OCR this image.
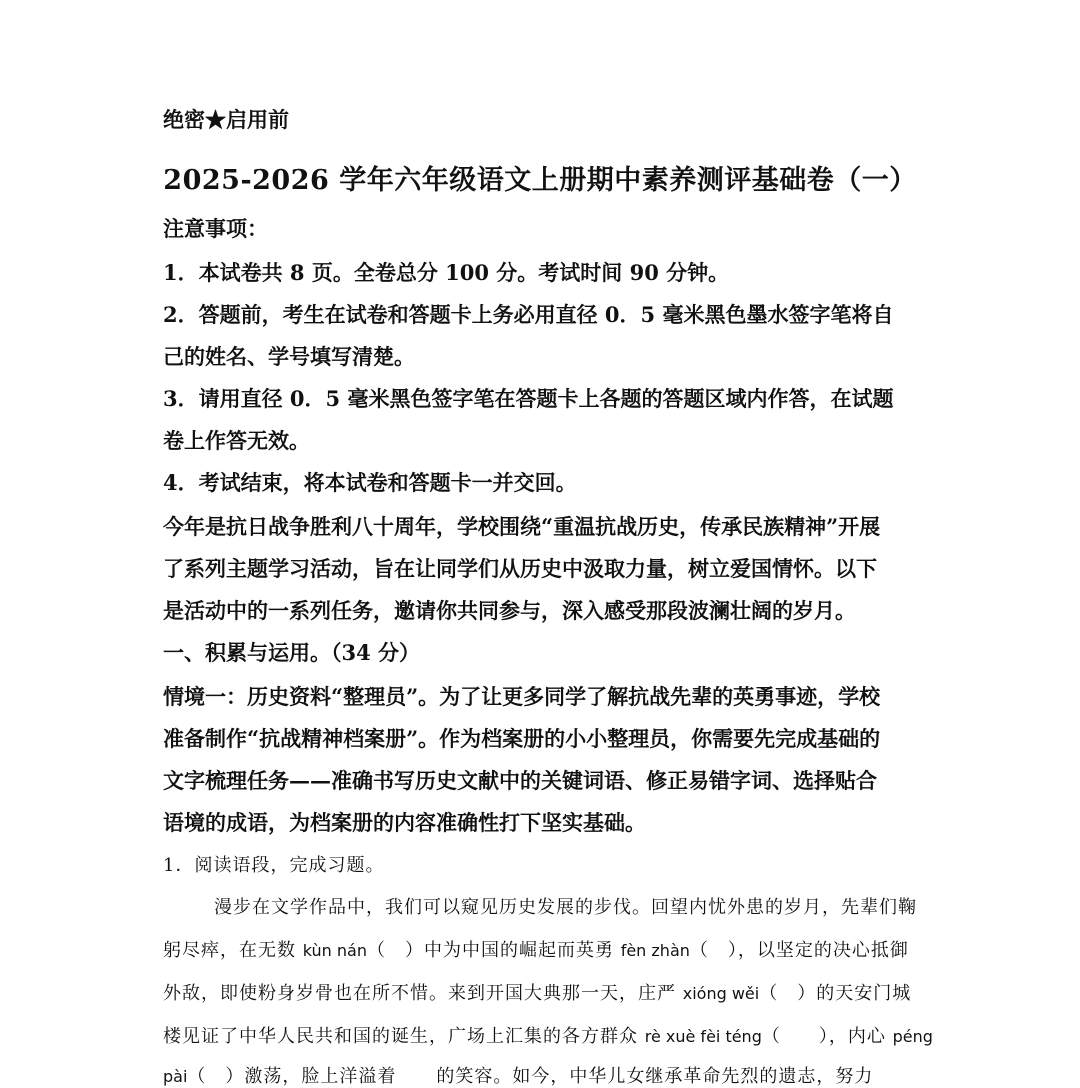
绝密★启用前
2025-2026 学年六年级语文上册期中素养测评基础卷（一）
注意事项：
1．本试卷共 8 页。全卷总分 100 分。考试时间 90 分钟。
2．答题前，考生在试卷和答题卡上务必用直径 0．5 毫米黑色墨水签字笔将自
己的姓名、学号填写清楚。
3．请用直径 0．5 毫米黑色签字笔在答题卡上各题的答题区域内作答，在试题
卷上作答无效。
4．考试结束，将本试卷和答题卡一并交回。
今年是抗日战争胜利八十周年，学校围绕“重温抗战历史，传承民族精神”开展
了系列主题学习活动，旨在让同学们从历史中汲取力量，树立爱国情怀。以下
是活动中的一系列任务，邀请你共同参与，深入感受那段波澜壮阔的岁月。
一、积累与运用。（34 分）
情境一：历史资料“整理员”。为了让更多同学了解抗战先辈的英勇事迹，学校
准备制作“抗战精神档案册”。作为档案册的小小整理员，你需要先完成基础的
文字梳理任务——准确书写历史文献中的关键词语、修正易错字词、选择贴合
语境的成语，为档案册的内容准确性打下坚实基础。
1．阅读语段，完成习题。
漫步在文学作品中，我们可以窥见历史发展的步伐。回望内忧外患的岁月，先辈们鞠
躬尽瘁，在无数 kùn nán（　）中为中国的崛起而英勇 fèn zhàn（　），以坚定的决心抵御
外敌，即使粉身岁骨也在所不惜。来到开国大典那一天，庄严 xióng wěi（　）的天安门城
楼见证了中华人民共和国的诞生，广场上汇集的各方群众 rè xuè fèi téng（　　），内心 péng
pài（　）激荡，脸上洋溢着 的笑容。如今，中华儿女继承革命先烈的遗志，努力
